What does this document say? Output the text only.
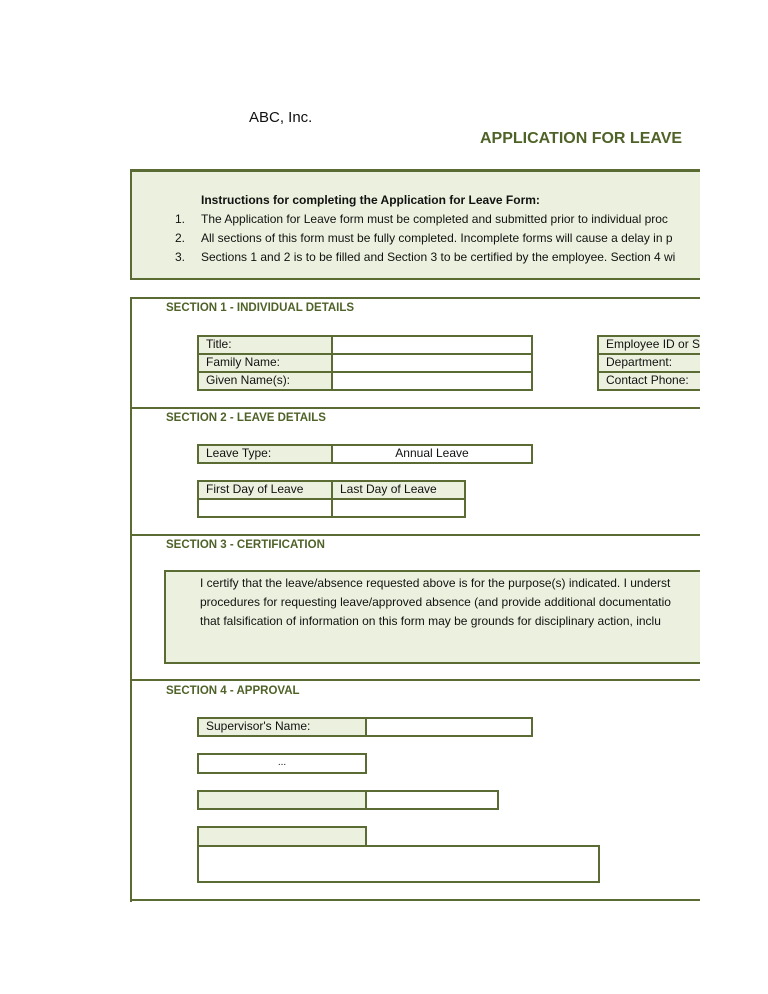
ABC, Inc.
APPLICATION FOR LEAVE
Instructions for completing the Application for Leave Form:
1. The Application for Leave form must be completed and submitted prior to individual proc
2. All sections of this form must be fully completed. Incomplete forms will cause a delay in p
3. Sections 1 and 2 is to be filled and Section 3 to be certified by the employee. Section 4 wi
SECTION 1 - INDIVIDUAL DETAILS
Title:
Family Name:
Given Name(s):
Employee ID or S
Department:
Contact Phone:
SECTION 2 - LEAVE DETAILS
Leave Type:	Annual Leave
First Day of Leave	Last Day of Leave
SECTION 3 - CERTIFICATION
I certify that the leave/absence requested above is for the purpose(s) indicated. I underst
procedures for requesting leave/approved absence (and provide additional documentatio
that falsification of information on this form may be grounds for disciplinary action, inclu
SECTION 4 - APPROVAL
Supervisor's Name:
...
